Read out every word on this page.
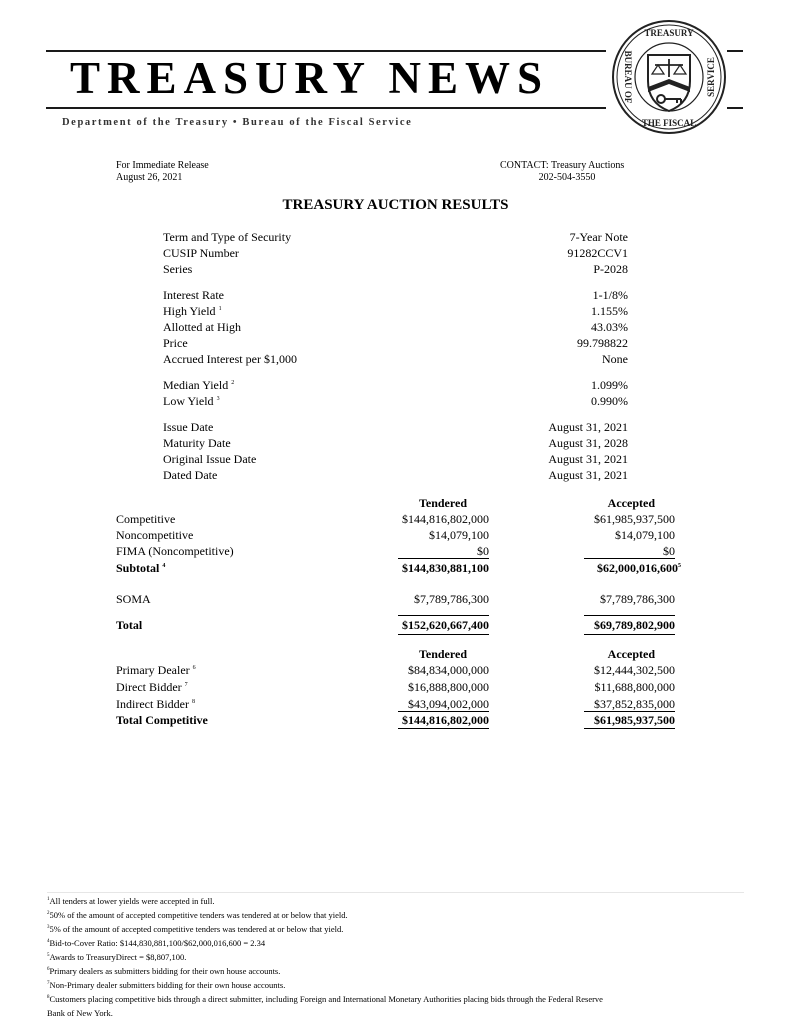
TREASURY NEWS
Department of the Treasury • Bureau of the Fiscal Service
TREASURY
BUREAU OF	SERVICE
THE FISCAL
For Immediate Release
August 26, 2021
CONTACT: Treasury Auctions
202-504-3550
TREASURY AUCTION RESULTS
Term and Type of Security	7-Year Note
CUSIP Number	91282CCV1
Series	P-2028
Interest Rate	1-1/8%
High Yield $^1$	1.155%
Allotted at High	43.03%
Price	99.798822
Accrued Interest per $1,000	None
Median Yield $^2$	1.099%
Low Yield $^3$	0.990%
Issue Date	August 31, 2021
Maturity Date	August 31, 2028
Original Issue Date	August 31, 2021
Dated Date	August 31, 2021
Tendered	Accepted
Competitive	$144,816,802,000	$61,985,937,500
Noncompetitive	$14,079,100	$14,079,100
FIMA (Noncompetitive)	$0	$0
Subtotal $^4$	$144,830,881,100	$62,000,016,600$^5$
SOMA	$7,789,786,300	$7,789,786,300
Total	$152,620,667,400	$69,789,802,900
Tendered	Accepted
Primary Dealer $^6$	$84,834,000,000	$12,444,302,500
Direct Bidder $^7$	$16,888,800,000	$11,688,800,000
Indirect Bidder $^8$	$43,094,002,000	$37,852,835,000
Total Competitive	$144,816,802,000	$61,985,937,500
$^1$All tenders at lower yields were accepted in full.
$^2$50% of the amount of accepted competitive tenders was tendered at or below that yield.
$^3$5% of the amount of accepted competitive tenders was tendered at or below that yield.
$^4$Bid-to-Cover Ratio: $144,830,881,100/$62,000,016,600 = 2.34
$^5$Awards to TreasuryDirect = $8,807,100.
$^6$Primary dealers as submitters bidding for their own house accounts.
$^7$Non-Primary dealer submitters bidding for their own house accounts.
$^8$Customers placing competitive bids through a direct submitter, including Foreign and International Monetary Authorities placing bids through the Federal Reserve
Bank of New York.
